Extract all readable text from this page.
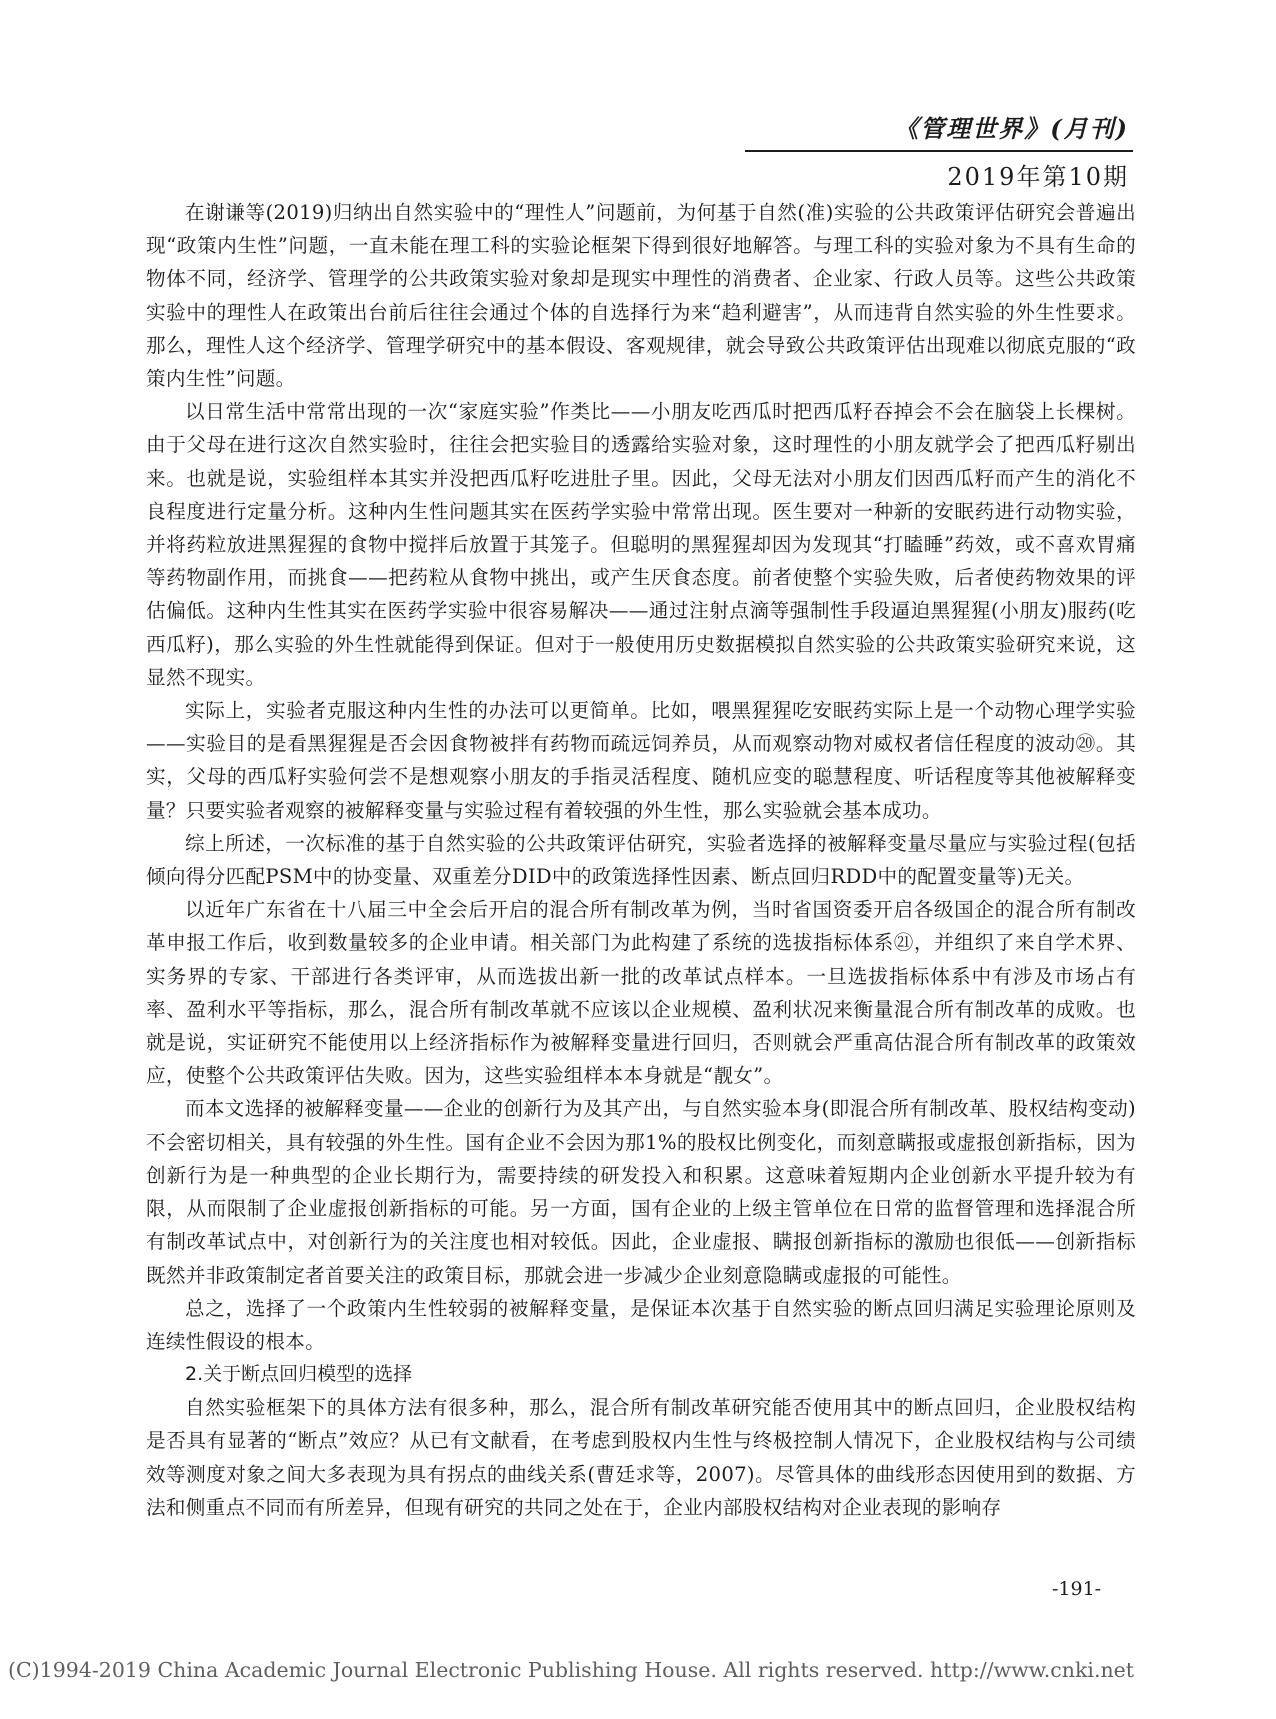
《管理世界》(月刊)
2019年第10期

在谢谦等(2019)归纳出自然实验中的“理性人”问题前，为何基于自然(准)实验的公共政策评估研究会普遍出现“政策内生性”问题，一直未能在理工科的实验论框架下得到很好地解答。与理工科的实验对象为不具有生命的物体不同，经济学、管理学的公共政策实验对象却是现实中理性的消费者、企业家、行政人员等。这些公共政策实验中的理性人在政策出台前后往往会通过个体的自选择行为来“趋利避害”，从而违背自然实验的外生性要求。那么，理性人这个经济学、管理学研究中的基本假设、客观规律，就会导致公共政策评估出现难以彻底克服的“政策内生性”问题。

以日常生活中常常出现的一次“家庭实验”作类比——小朋友吃西瓜时把西瓜籽吞掉会不会在脑袋上长棵树。由于父母在进行这次自然实验时，往往会把实验目的透露给实验对象，这时理性的小朋友就学会了把西瓜籽剔出来。也就是说，实验组样本其实并没把西瓜籽吃进肚子里。因此，父母无法对小朋友们因西瓜籽而产生的消化不良程度进行定量分析。这种内生性问题其实在医药学实验中常常出现。医生要对一种新的安眠药进行动物实验，并将药粒放进黑猩猩的食物中搅拌后放置于其笼子。但聪明的黑猩猩却因为发现其“打瞌睡”药效，或不喜欢胃痛等药物副作用，而挑食——把药粒从食物中挑出，或产生厌食态度。前者使整个实验失败，后者使药物效果的评估偏低。这种内生性其实在医药学实验中很容易解决——通过注射点滴等强制性手段逼迫黑猩猩(小朋友)服药(吃西瓜籽)，那么实验的外生性就能得到保证。但对于一般使用历史数据模拟自然实验的公共政策实验研究来说，这显然不现实。

实际上，实验者克服这种内生性的办法可以更简单。比如，喂黑猩猩吃安眠药实际上是一个动物心理学实验——实验目的是看黑猩猩是否会因食物被拌有药物而疏远饲养员，从而观察动物对威权者信任程度的波动⑳。其实，父母的西瓜籽实验何尝不是想观察小朋友的手指灵活程度、随机应变的聪慧程度、听话程度等其他被解释变量？只要实验者观察的被解释变量与实验过程有着较强的外生性，那么实验就会基本成功。

综上所述，一次标准的基于自然实验的公共政策评估研究，实验者选择的被解释变量尽量应与实验过程(包括倾向得分匹配PSM中的协变量、双重差分DID中的政策选择性因素、断点回归RDD中的配置变量等)无关。

以近年广东省在十八届三中全会后开启的混合所有制改革为例，当时省国资委开启各级国企的混合所有制改革申报工作后，收到数量较多的企业申请。相关部门为此构建了系统的选拔指标体系㉑，并组织了来自学术界、实务界的专家、干部进行各类评审，从而选拔出新一批的改革试点样本。一旦选拔指标体系中有涉及市场占有率、盈利水平等指标，那么，混合所有制改革就不应该以企业规模、盈利状况来衡量混合所有制改革的成败。也就是说，实证研究不能使用以上经济指标作为被解释变量进行回归，否则就会严重高估混合所有制改革的政策效应，使整个公共政策评估失败。因为，这些实验组样本本身就是“靓女”。

而本文选择的被解释变量——企业的创新行为及其产出，与自然实验本身(即混合所有制改革、股权结构变动)不会密切相关，具有较强的外生性。国有企业不会因为那1%的股权比例变化，而刻意瞒报或虚报创新指标，因为创新行为是一种典型的企业长期行为，需要持续的研发投入和积累。这意味着短期内企业创新水平提升较为有限，从而限制了企业虚报创新指标的可能。另一方面，国有企业的上级主管单位在日常的监督管理和选择混合所有制改革试点中，对创新行为的关注度也相对较低。因此，企业虚报、瞒报创新指标的激励也很低——创新指标既然并非政策制定者首要关注的政策目标，那就会进一步减少企业刻意隐瞒或虚报的可能性。

总之，选择了一个政策内生性较弱的被解释变量，是保证本次基于自然实验的断点回归满足实验理论原则及连续性假设的根本。

2.关于断点回归模型的选择

自然实验框架下的具体方法有很多种，那么，混合所有制改革研究能否使用其中的断点回归，企业股权结构是否具有显著的“断点”效应？从已有文献看，在考虑到股权内生性与终极控制人情况下，企业股权结构与公司绩效等测度对象之间大多表现为具有拐点的曲线关系(曹廷求等，2007)。尽管具体的曲线形态因使用到的数据、方法和侧重点不同而有所差异，但现有研究的共同之处在于，企业内部股权结构对企业表现的影响存

-191-
(C)1994-2019 China Academic Journal Electronic Publishing House. All rights reserved. http://www.cnki.net
